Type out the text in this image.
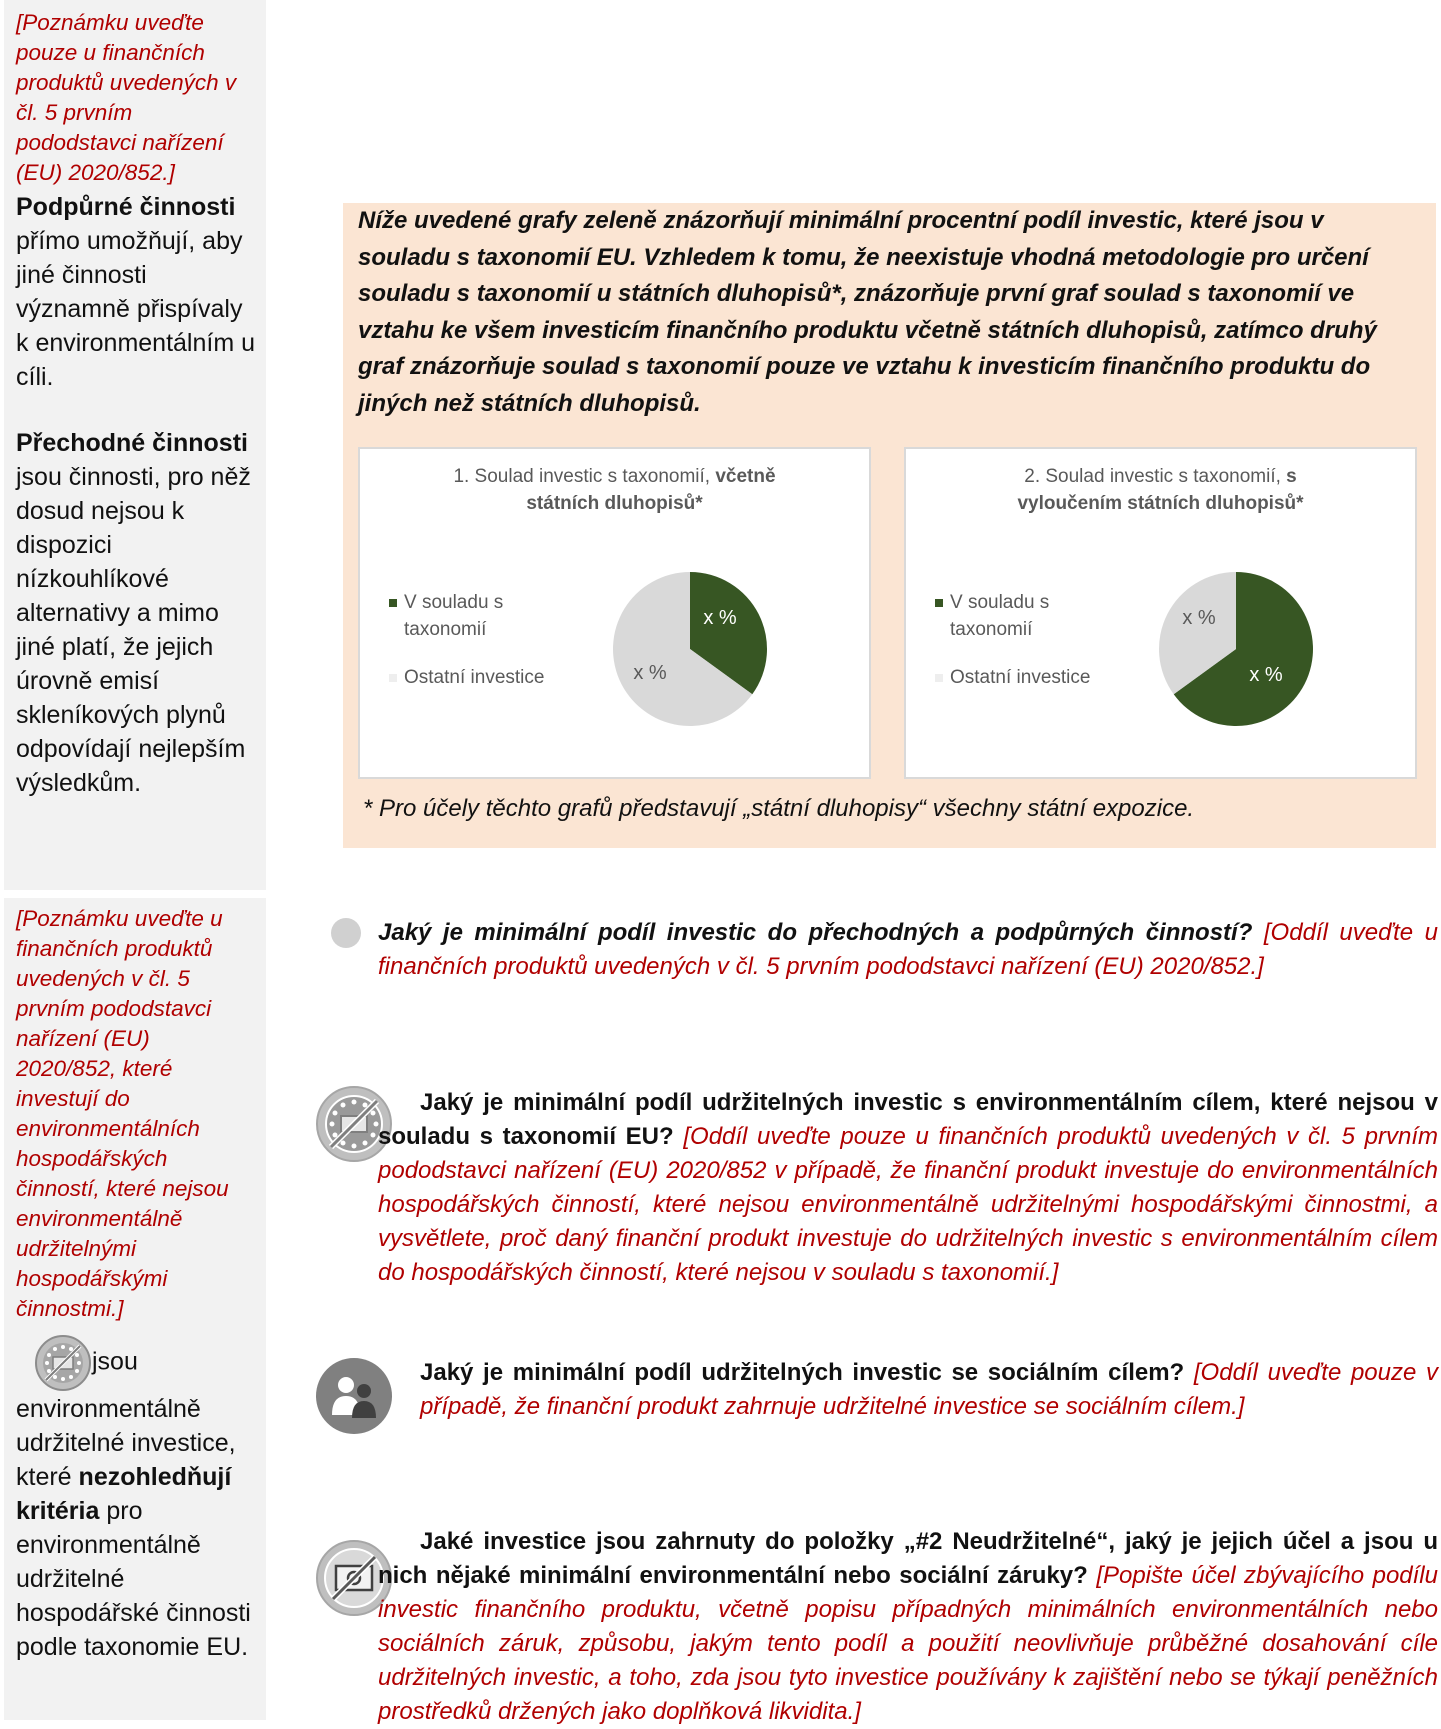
[Poznámku uveďte pouze u finančních produktů uvedených v čl. 5 prvním pododstavci nařízení (EU) 2020/852.]

Podpůrné činnosti přímo umožňují, aby jiné činnosti významně přispívaly k environmentálním u cíli.

Přechodné činnosti jsou činnosti, pro něž dosud nejsou k dispozici nízkouhlíkové alternativy a mimo jiné platí, že jejich úrovně emisí skleníkových plynů odpovídají nejlepším výsledkům.

[Poznámku uveďte u finančních produktů uvedených v čl. 5 prvním pododstavci nařízení (EU) 2020/852, které investují do environmentálních hospodářských činností, které nejsou environmentálně udržitelnými hospodářskými činnostmi.]

jsou environmentálně udržitelné investice, které nezohledňují kritéria pro environmentálně udržitelné hospodářské činnosti podle taxonomie EU.

Níže uvedené grafy zeleně znázorňují minimální procentní podíl investic, které jsou v souladu s taxonomií EU. Vzhledem k tomu, že neexistuje vhodná metodologie pro určení souladu s taxonomií u státních dluhopisů*, znázorňuje první graf soulad s taxonomií ve vztahu ke všem investicím finančního produktu včetně státních dluhopisů, zatímco druhý graf znázorňuje soulad s taxonomií pouze ve vztahu k investicím finančního produktu do jiných než státních dluhopisů.

1. Soulad investic s taxonomií, včetně
státních dluhopisů*
V souladu s
taxonomií
Ostatní investice
x %
x %
2. Soulad investic s taxonomií, s
vyloučením státních dluhopisů*
V souladu s
taxonomií
Ostatní investice	x %
x %

* Pro účely těchto grafů představují „státní dluhopisy“ všechny státní expozice.

Jaký je minimální podíl investic do přechodných a podpůrných činností? [Oddíl uveďte u finančních produktů uvedených v čl. 5 prvním pododstavci nařízení (EU) 2020/852.]

Jaký je minimální podíl udržitelných investic s environmentálním cílem, které nejsou v souladu s taxonomií EU? [Oddíl uveďte pouze u finančních produktů uvedených v čl. 5 prvním pododstavci nařízení (EU) 2020/852 v případě, že finanční produkt investuje do environmentálních hospodářských činností, které nejsou environmentálně udržitelnými hospodářskými činnostmi, a vysvětlete, proč daný finanční produkt investuje do udržitelných investic s environmentálním cílem do hospodářských činností, které nejsou v souladu s taxonomií.]

Jaký je minimální podíl udržitelných investic se sociálním cílem? [Oddíl uveďte pouze v případě, že finanční produkt zahrnuje udržitelné investice se sociálním cílem.]

Jaké investice jsou zahrnuty do položky „#2 Neudržitelné“, jaký je jejich účel a jsou u nich nějaké minimální environmentální nebo sociální záruky? [Popište účel zbývajícího podílu investic finančního produktu, včetně popisu případných minimálních environmentálních nebo sociálních záruk, způsobu, jakým tento podíl a použití neovlivňuje průběžné dosahování cíle udržitelných investic, a toho, zda jsou tyto investice používány k zajištění nebo se týkají peněžních prostředků držených jako doplňková likvidita.]
